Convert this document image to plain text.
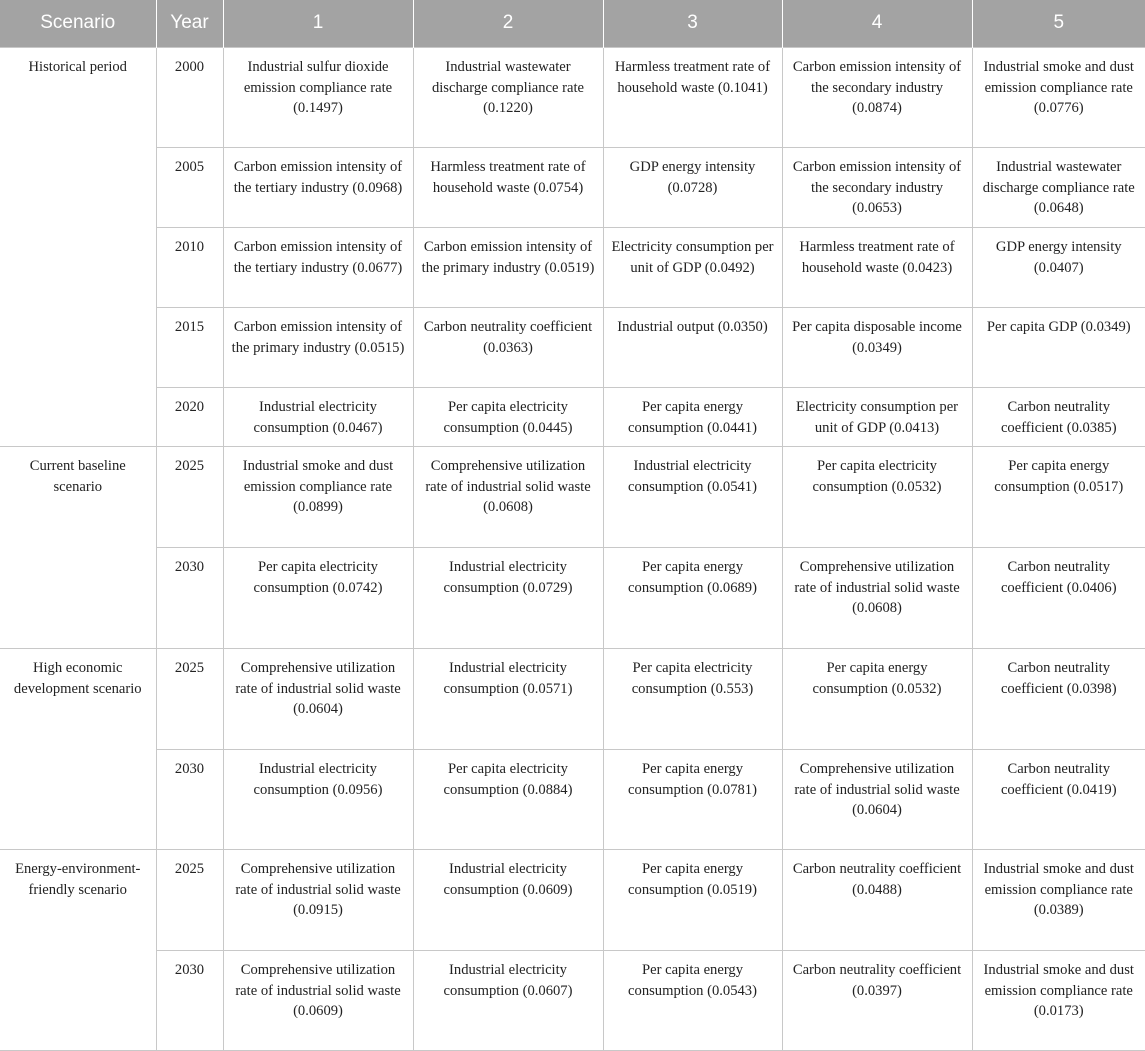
Scenario	Year	1	2	3	4	5
Historical period	2000	Industrial sulfur dioxide emission compliance rate (0.1497)	Industrial wastewater discharge compliance rate (0.1220)	Harmless treatment rate of household waste (0.1041)	Carbon emission intensity of the secondary industry (0.0874)	Industrial smoke and dust emission compliance rate (0.0776)
	2005	Carbon emission intensity of the tertiary industry (0.0968)	Harmless treatment rate of household waste (0.0754)	GDP energy intensity (0.0728)	Carbon emission intensity of the secondary industry (0.0653)	Industrial wastewater discharge compliance rate (0.0648)
	2010	Carbon emission intensity of the tertiary industry (0.0677)	Carbon emission intensity of the primary industry (0.0519)	Electricity consumption per unit of GDP (0.0492)	Harmless treatment rate of household waste (0.0423)	GDP energy intensity (0.0407)
	2015	Carbon emission intensity of the primary industry (0.0515)	Carbon neutrality coefficient (0.0363)	Industrial output (0.0350)	Per capita disposable income (0.0349)	Per capita GDP (0.0349)
	2020	Industrial electricity consumption (0.0467)	Per capita electricity consumption (0.0445)	Per capita energy consumption (0.0441)	Electricity consumption per unit of GDP (0.0413)	Carbon neutrality coefficient (0.0385)
Current baseline scenario	2025	Industrial smoke and dust emission compliance rate (0.0899)	Comprehensive utilization rate of industrial solid waste (0.0608)	Industrial electricity consumption (0.0541)	Per capita electricity consumption (0.0532)	Per capita energy consumption (0.0517)
	2030	Per capita electricity consumption (0.0742)	Industrial electricity consumption (0.0729)	Per capita energy consumption (0.0689)	Comprehensive utilization rate of industrial solid waste (0.0608)	Carbon neutrality coefficient (0.0406)
High economic development scenario	2025	Comprehensive utilization rate of industrial solid waste (0.0604)	Industrial electricity consumption (0.0571)	Per capita electricity consumption (0.553)	Per capita energy consumption (0.0532)	Carbon neutrality coefficient (0.0398)
	2030	Industrial electricity consumption (0.0956)	Per capita electricity consumption (0.0884)	Per capita energy consumption (0.0781)	Comprehensive utilization rate of industrial solid waste (0.0604)	Carbon neutrality coefficient (0.0419)
Energy-environment-friendly scenario	2025	Comprehensive utilization rate of industrial solid waste (0.0915)	Industrial electricity consumption (0.0609)	Per capita energy consumption (0.0519)	Carbon neutrality coefficient (0.0488)	Industrial smoke and dust emission compliance rate (0.0389)
	2030	Comprehensive utilization rate of industrial solid waste (0.0609)	Industrial electricity consumption (0.0607)	Per capita energy consumption (0.0543)	Carbon neutrality coefficient (0.0397)	Industrial smoke and dust emission compliance rate (0.0173)
